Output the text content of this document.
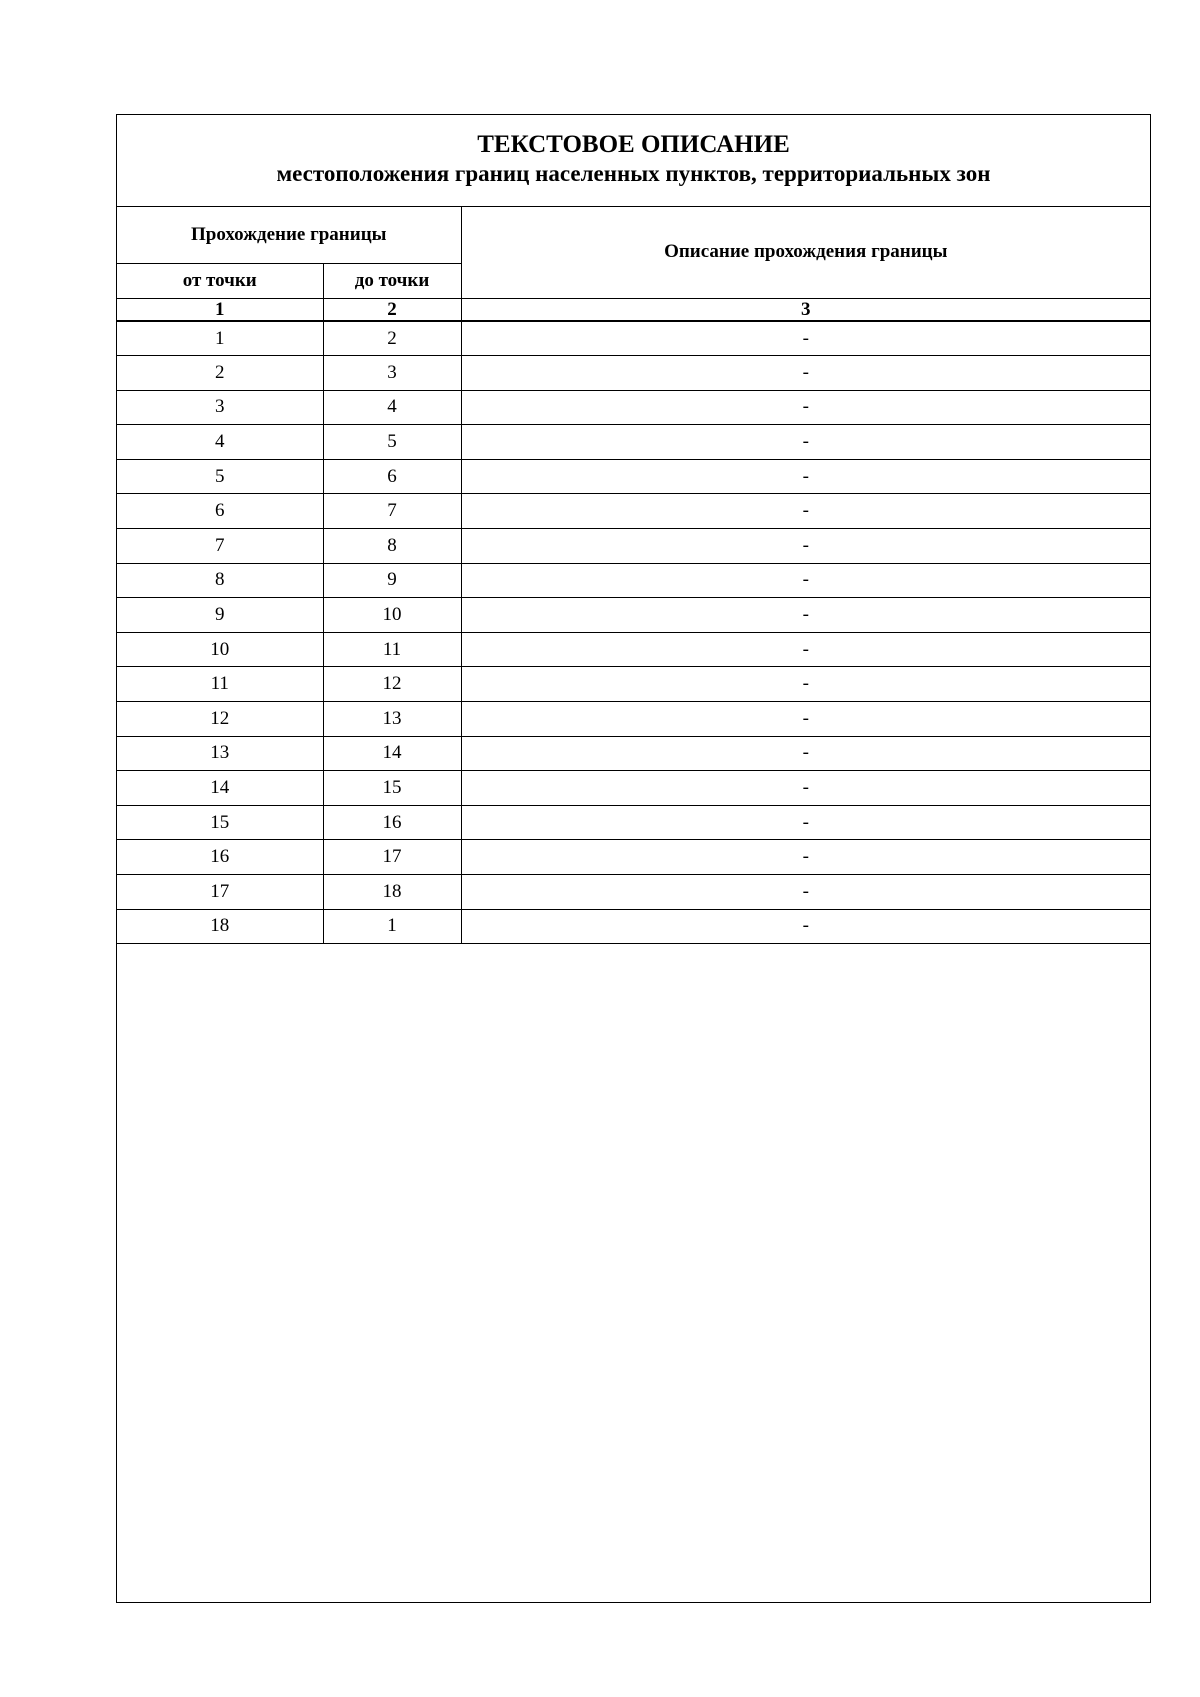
ТЕКСТОВОЕ ОПИСАНИЕ
местоположения границ населенных пунктов, территориальных зон
Прохождение границы		Описание прохождения границы
от точки	до точки	
1	2	3
1	2	-
2	3	-
3	4	-
4	5	-
5	6	-
6	7	-
7	8	-
8	9	-
9	10	-
10	11	-
11	12	-
12	13	-
13	14	-
14	15	-
15	16	-
16	17	-
17	18	-
18	1	-
